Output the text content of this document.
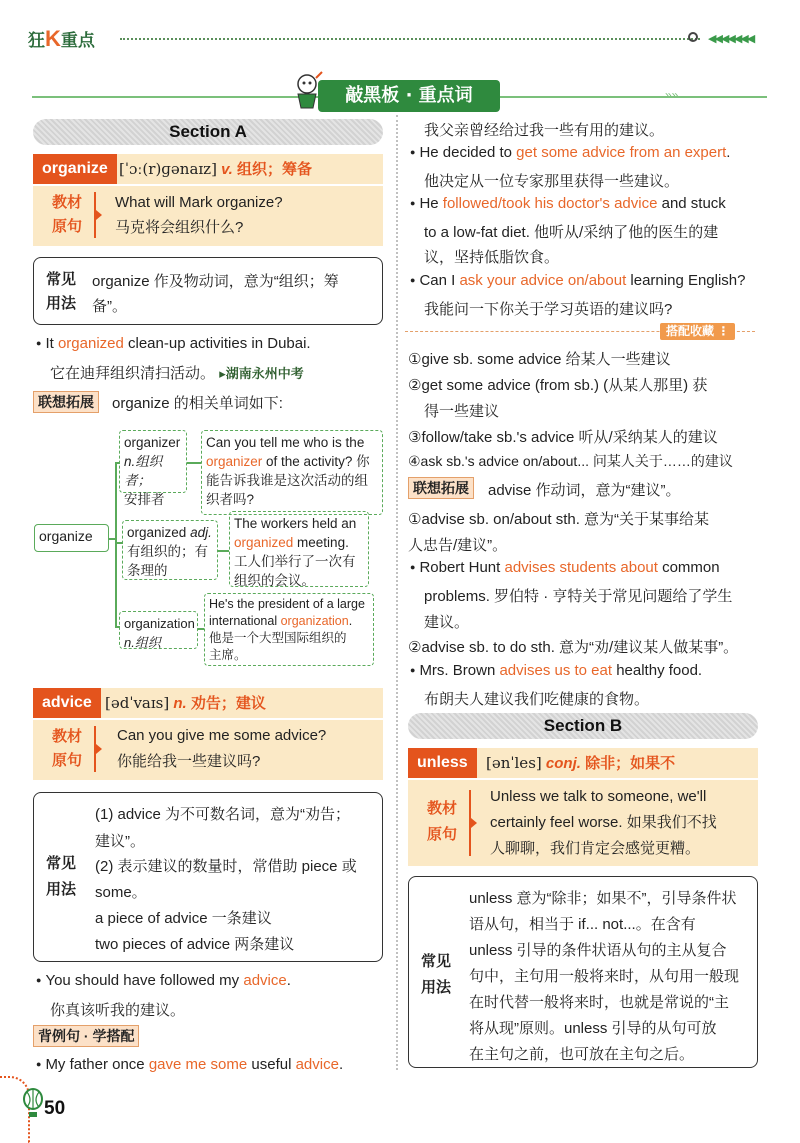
狂K重点	◀◀◀◀◀◀◀
»»
敲黑板 · 重点词
Section A
organize [ˈɔː(r)ɡənaɪz] v. 组织；筹备
教材
原句
What will Mark organize?
马克将会组织什么?
常见
用法
organize 作及物动词，意为“组织；筹
备”。
● It organized clean-up activities in Dubai.
它在迪拜组织清扫活动。 ▸湖南永州中考
联想拓展	organize 的相关单词如下:
organize
organizer
n.组织者；
安排者
Can you tell me who is the
organizer of the activity? 你
能告诉我谁是这次活动的组
织者吗?
organized adj.
有组织的；有
条理的
The workers held an
organized meeting.
工人们举行了一次有
组织的会议。
organization
n.组织
He's the president of a large
international organization.
他是一个大型国际组织的
主席。
advice [ədˈvaɪs] n. 劝告；建议
教材
原句
Can you give me some advice?
你能给我一些建议吗?
常见
用法
(1) advice 为不可数名词，意为“劝告；
建议”。
(2) 表示建议的数量时，常借助 piece 或
some。
a piece of advice 一条建议
two pieces of advice 两条建议
● You should have followed my advice.
你真该听我的建议。
背例句 · 学搭配
● My father once gave me some useful advice.
我父亲曾经给过我一些有用的建议。
● He decided to get some advice from an expert.
他决定从一位专家那里获得一些建议。
● He followed/took his doctor's advice and stuck
to a low-fat diet. 他听从/采纳了他的医生的建
议，坚持低脂饮食。
● Can I ask your advice on/about learning English?
我能问一下你关于学习英语的建议吗?
搭配收藏 ⋮
①give sb. some advice 给某人一些建议
②get some advice (from sb.) (从某人那里) 获
得一些建议
③follow/take sb.'s advice 听从/采纳某人的建议
④ask sb.'s advice on/about... 问某人关于……的建议
联想拓展	advise 作动词，意为“建议”。
①advise sb. on/about sth. 意为“关于某事给某
人忠告/建议”。
● Robert Hunt advises students about common
problems. 罗伯特 · 亨特关于常见问题给了学生
建议。
②advise sb. to do sth. 意为“劝/建议某人做某事”。
● Mrs. Brown advises us to eat healthy food.
布朗夫人建议我们吃健康的食物。
Section B
unless	[ənˈles] conj. 除非；如果不
教材
原句
Unless we talk to someone, we'll
certainly feel worse. 如果我们不找
人聊聊，我们肯定会感觉更糟。
常见
用法
unless 意为“除非；如果不”，引导条件状
语从句，相当于 if... not...。在含有
unless 引导的条件状语从句的主从复合
句中，主句用一般将来时，从句用一般现
在时代替一般将来时，也就是常说的“主
将从现”原则。unless 引导的从句可放
在主句之前，也可放在主句之后。
50
